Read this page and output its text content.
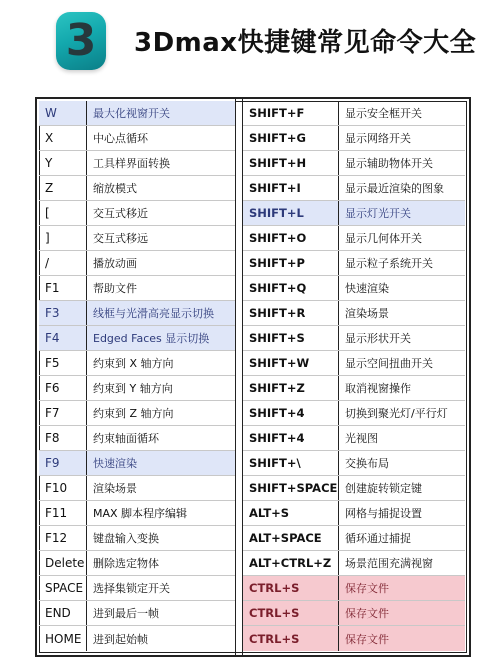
3 3Dmax快捷键常见命令大全
W	最大化视窗开关
X	中心点循环
Y	工具样界面转换
Z	缩放模式
[	交互式移近
]	交互式移远
/	播放动画
F1	帮助文件
F3	线框与光滑高亮显示切换
F4	Edged Faces 显示切换
F5	约束到 X 轴方向
F6	约束到 Y 轴方向
F7	约束到 Z 轴方向
F8	约束轴面循环
F9	快速渲染
F10	渲染场景
F11	MAX 脚本程序编辑
F12	键盘输入变换
Delete 删除选定物体
SPACE 选择集锁定开关
END	进到最后一帧
HOME	进到起始帧
SHIFT+F	显示安全框开关
SHIFT+G	显示网络开关
SHIFT+H	显示辅助物体开关
SHIFT+I	显示最近渲染的图象
SHIFT+L	显示灯光开关
SHIFT+O	显示几何体开关
SHIFT+P	显示粒子系统开关
SHIFT+Q	快速渲染
SHIFT+R	渲染场景
SHIFT+S	显示形状开关
SHIFT+W	显示空间扭曲开关
SHIFT+Z	取消视窗操作
SHIFT+4	切换到聚光灯/平行灯
SHIFT+4	光视图
SHIFT+\	交换布局
SHIFT+SPACE 创建旋转锁定键
ALT+S	网格与捕捉设置
ALT+SPACE	循环通过捕捉
ALT+CTRL+Z	场景范围充满视窗
CTRL+S	保存文件
CTRL+S	保存文件
CTRL+S	保存文件
